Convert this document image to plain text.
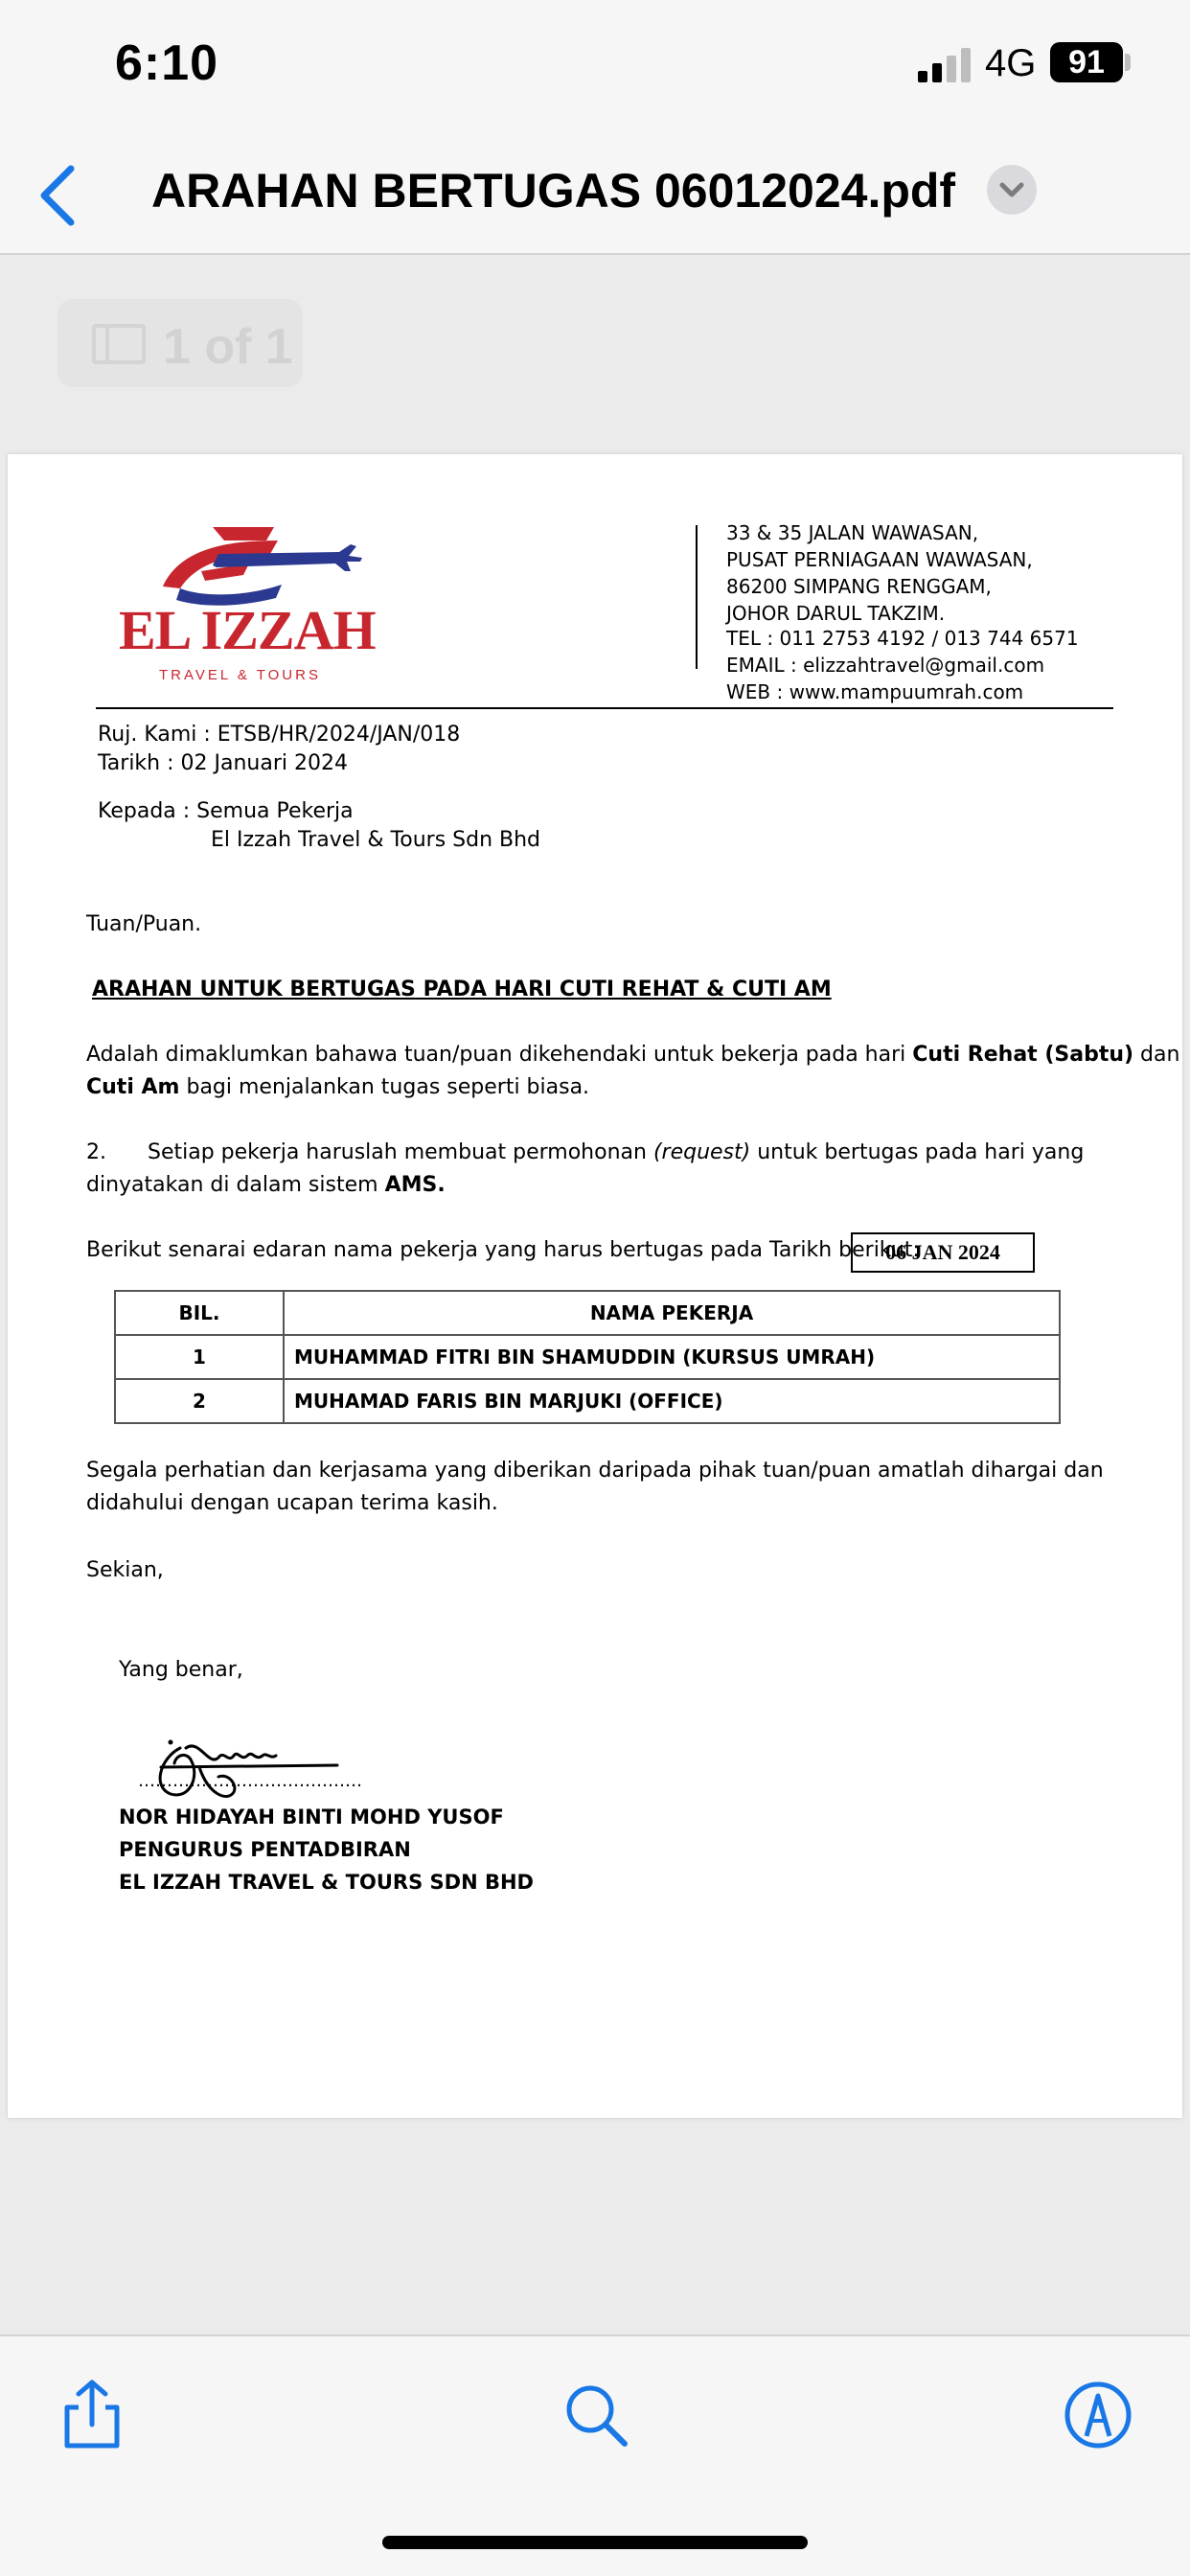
6:10	4G 91
ARAHAN BERTUGAS 06012024.pdf
1 of 1
EL IZZAH
TRAVEL & TOURS
33 & 35 JALAN WAWASAN,
PUSAT PERNIAGAAN WAWASAN,
86200 SIMPANG RENGGAM,
JOHOR DARUL TAKZIM.
TEL : 011 2753 4192 / 013 744 6571
EMAIL : elizzahtravel@gmail.com
WEB : www.mampuumrah.com
Ruj. Kami : ETSB/HR/2024/JAN/018
Tarikh : 02 Januari 2024
Kepada : Semua Pekerja
El Izzah Travel & Tours Sdn Bhd
Tuan/Puan.
ARAHAN UNTUK BERTUGAS PADA HARI CUTI REHAT & CUTI AM
Adalah dimaklumkan bahawa tuan/puan dikehendaki untuk bekerja pada hari Cuti Rehat (Sabtu) dan
Cuti Am bagi menjalankan tugas seperti biasa.
2. Setiap pekerja haruslah membuat permohonan (request) untuk bertugas pada hari yang
dinyatakan di dalam sistem AMS.
Berikut senarai edaran nama pekerja yang harus bertugas pada Tarikh berikut:
06 JAN 2024
BIL.	NAMA PEKERJA
1	MUHAMMAD FITRI BIN SHAMUDDIN (KURSUS UMRAH)
2	MUHAMAD FARIS BIN MARJUKI (OFFICE)
Segala perhatian dan kerjasama yang diberikan daripada pihak tuan/puan amatlah dihargai dan
didahului dengan ucapan terima kasih.
Sekian,
Yang benar,
…………………………………
NOR HIDAYAH BINTI MOHD YUSOF
PENGURUS PENTADBIRAN
EL IZZAH TRAVEL & TOURS SDN BHD
